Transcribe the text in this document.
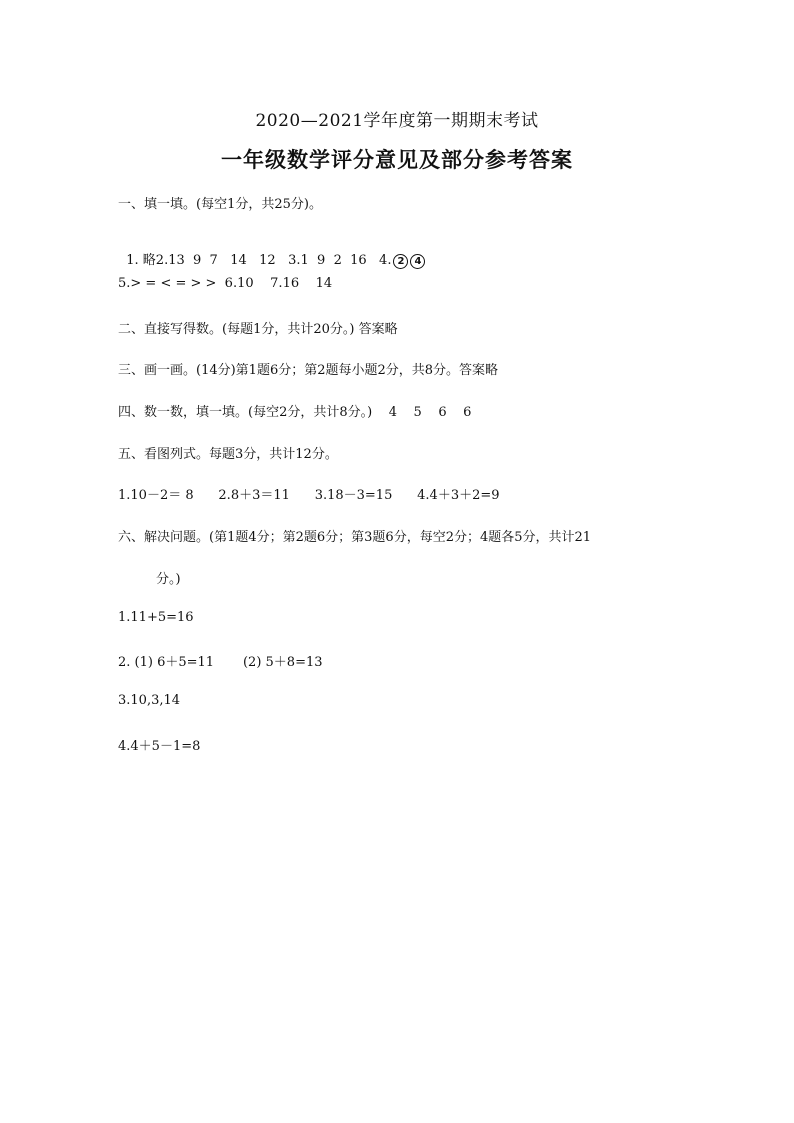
2020—2021学年度第一期期末考试
一年级数学评分意见及部分参考答案
一、填一填。(每空1分，共25分)。

1. 略2.13  9  7   14   12   3.1  9  2  16   4. 2 4

5.> = < = > >  6.10    7.16    14
二、直接写得数。(每题1分，共计20分。) 答案略
三、画一画。(14分)第1题6分；第2题每小题2分，共8分。答案略
四、数一数，填一填。(每空2分，共计8分。)    4    5    6    6
五、看图列式。每题3分，共计12分。
1.10－2＝ 8      2.8＋3＝11      3.18－3=15      4.4＋3＋2=9
六、解决问题。(第1题4分；第2题6分；第3题6分，每空2分；4题各5分，共计21
分。)
1.11+5=16
2. (1) 6＋5=11       (2) 5＋8=13
3.10,3,14
4.4＋5－1=8
